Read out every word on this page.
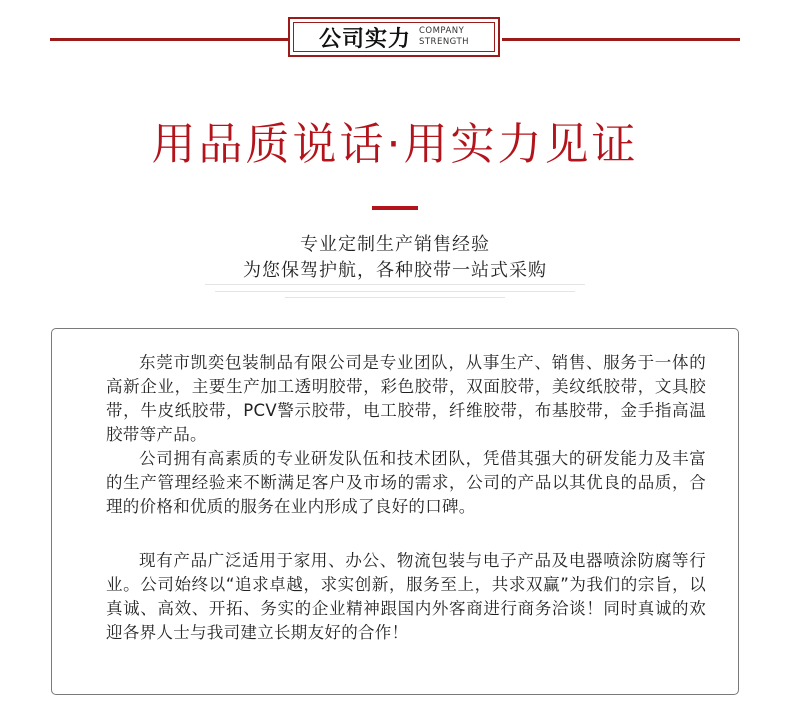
公司实力 COMPANY
STRENGTH
用品质说话·用实力见证
专业定制生产销售经验
为您保驾护航，各种胶带一站式采购

东莞市凯奕包装制品有限公司是专业团队，从事生产、销售、服务于一体的高新企业，主要生产加工透明胶带，彩色胶带，双面胶带，美纹纸胶带，文具胶带，牛皮纸胶带，PCV警示胶带，电工胶带，纤维胶带，布基胶带，金手指高温胶带等产品。

公司拥有高素质的专业研发队伍和技术团队，凭借其强大的研发能力及丰富的生产管理经验来不断满足客户及市场的需求，公司的产品以其优良的品质，合理的价格和优质的服务在业内形成了良好的口碑。

现有产品广泛适用于家用、办公、物流包装与电子产品及电器喷涂防腐等行业。公司始终以“追求卓越，求实创新，服务至上，共求双赢”为我们的宗旨，以真诚、高效、开拓、务实的企业精神跟国内外客商进行商务洽谈！同时真诚的欢迎各界人士与我司建立长期友好的合作！
